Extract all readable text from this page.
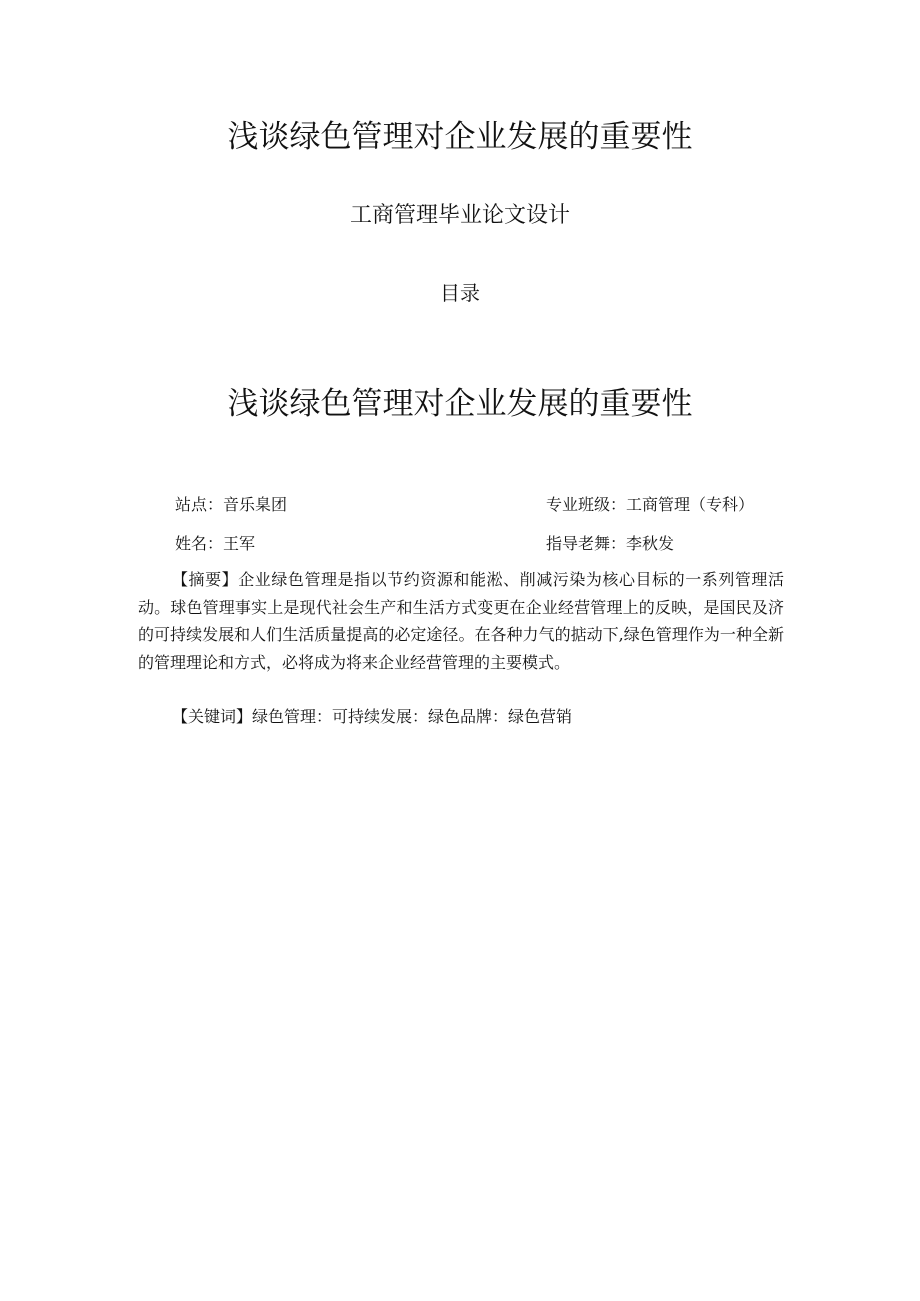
浅谈绿色管理对企业发展的重要性
工商管理毕业论文设计
目录
浅谈绿色管理对企业发展的重要性
站点：音乐臬团	专业班级：工商管理（专科）
姓名：王军	指导老舞：李秋发

【摘要】企业绿色管理是指以节约资源和能淞、削减污染为核心目标的一系列管理活动。球色管理事实上是现代社会生产和生活方式变更在企业经营管理上的反映，是国民及济的可持续发展和人们生活质量提高的必定途径。在各种力气的掂动下,绿色管理作为一种全新的管理理论和方式，必将成为将来企业经营管理的主要模式。

【关键词】绿色管理：可持续发展：绿色品牌：绿色营销
